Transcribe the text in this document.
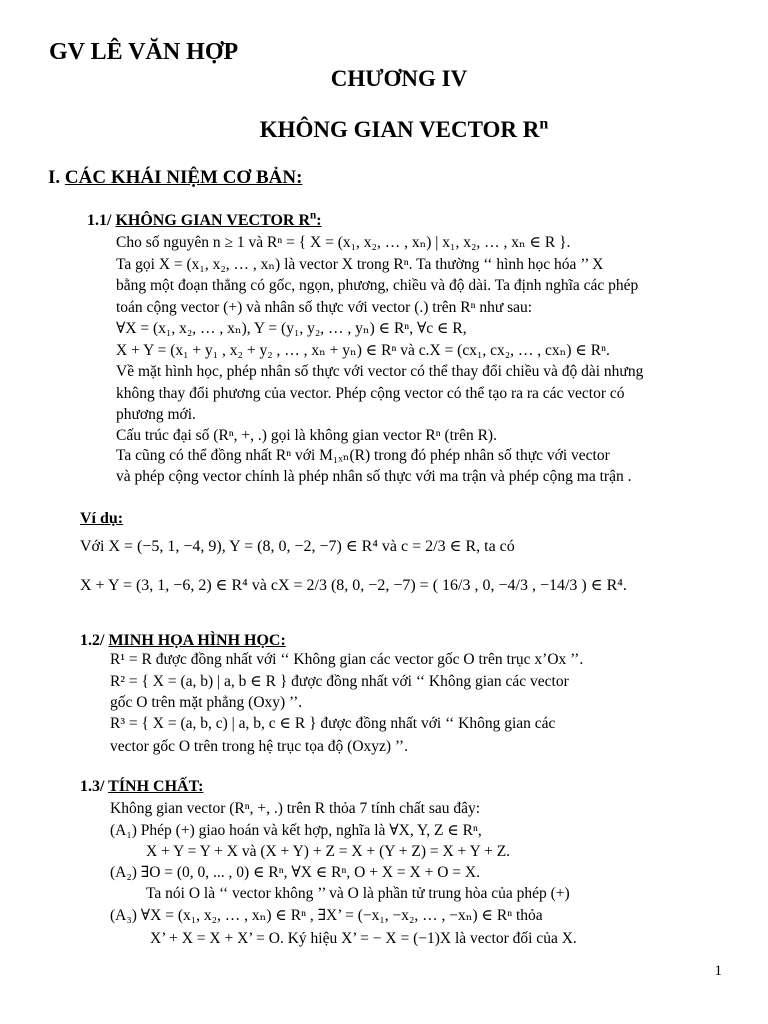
GV LÊ VĂN HỢP
CHƯƠNG IV
KHÔNG GIAN VECTOR $R^n$
I. CÁC KHÁI NIỆM CƠ BẢN:
1.1/ KHÔNG GIAN VECTOR $R^n$:
Cho số nguyên n ≥ 1 và Rⁿ = { X = (x₁, x₂, … , xₙ) | x₁, x₂, … , xₙ ∈ R }.
Ta gọi X = (x₁, x₂, … , xₙ) là vector X trong Rⁿ. Ta thường ‘‘ hình học hóa ’’ X
bằng một đoạn thẳng có gốc, ngọn, phương, chiều và độ dài. Ta định nghĩa các phép
toán cộng vector (+) và nhân số thực với vector (.) trên Rⁿ như sau:
∀X = (x₁, x₂, … , xₙ), Y = (y₁, y₂, … , yₙ) ∈ Rⁿ, ∀c ∈ R,
X + Y = (x₁ + y₁ , x₂ + y₂ , … , xₙ + yₙ) ∈ Rⁿ và c.X = (cx₁, cx₂, … , cxₙ) ∈ Rⁿ.
Về mặt hình học, phép nhân số thực với vector có thể thay đổi chiều và độ dài nhưng
không thay đổi phương của vector. Phép cộng vector có thể tạo ra ra các vector có
phương mới.
Cấu trúc đại số (Rⁿ, +, .) gọi là không gian vector Rⁿ (trên R).
Ta cũng có thể đồng nhất Rⁿ với M₁ₓₙ(R) trong đó phép nhân số thực với vector
và phép cộng vector chính là phép nhân số thực với ma trận và phép cộng ma trận .
Ví dụ:
Với X = (−5, 1, −4, 9), Y = (8, 0, −2, −7) ∈ R⁴ và c = 2/3 ∈ R, ta có
X + Y = (3, 1, −6, 2) ∈ R⁴ và cX = 2/3 (8, 0, −2, −7) = ( 16/3 , 0, −4/3 , −14/3 ) ∈ R⁴.
1.2/ MINH HỌA HÌNH HỌC:
R¹ = R được đồng nhất với ‘‘ Không gian các vector gốc O trên trục x’Ox ’’.
R² = { X = (a, b) | a, b ∈ R } được đồng nhất với ‘‘ Không gian các vector
gốc O trên mặt phẳng (Oxy) ’’.
R³ = { X = (a, b, c) | a, b, c ∈ R } được đồng nhất với ‘‘ Không gian các
vector gốc O trên trong hệ trục tọa độ (Oxyz) ’’.
1.3/ TÍNH CHẤT:
Không gian vector (Rⁿ, +, .) trên R thỏa 7 tính chất sau đây:
(A₁) Phép (+) giao hoán và kết hợp, nghĩa là ∀X, Y, Z ∈ Rⁿ,
X + Y = Y + X và (X + Y) + Z = X + (Y + Z) = X + Y + Z.
(A₂) ∃O = (0, 0, ... , 0) ∈ Rⁿ, ∀X ∈ Rⁿ, O + X = X + O = X.
Ta nói O là ‘‘ vector không ’’ và O là phần tử trung hòa của phép (+)
(A₃) ∀X = (x₁, x₂, … , xₙ) ∈ Rⁿ , ∃X’ = (−x₁, −x₂, … , −xₙ) ∈ Rⁿ thỏa
X’ + X = X + X’ = O. Ký hiệu X’ = − X = (−1)X là vector đối của X.
1
